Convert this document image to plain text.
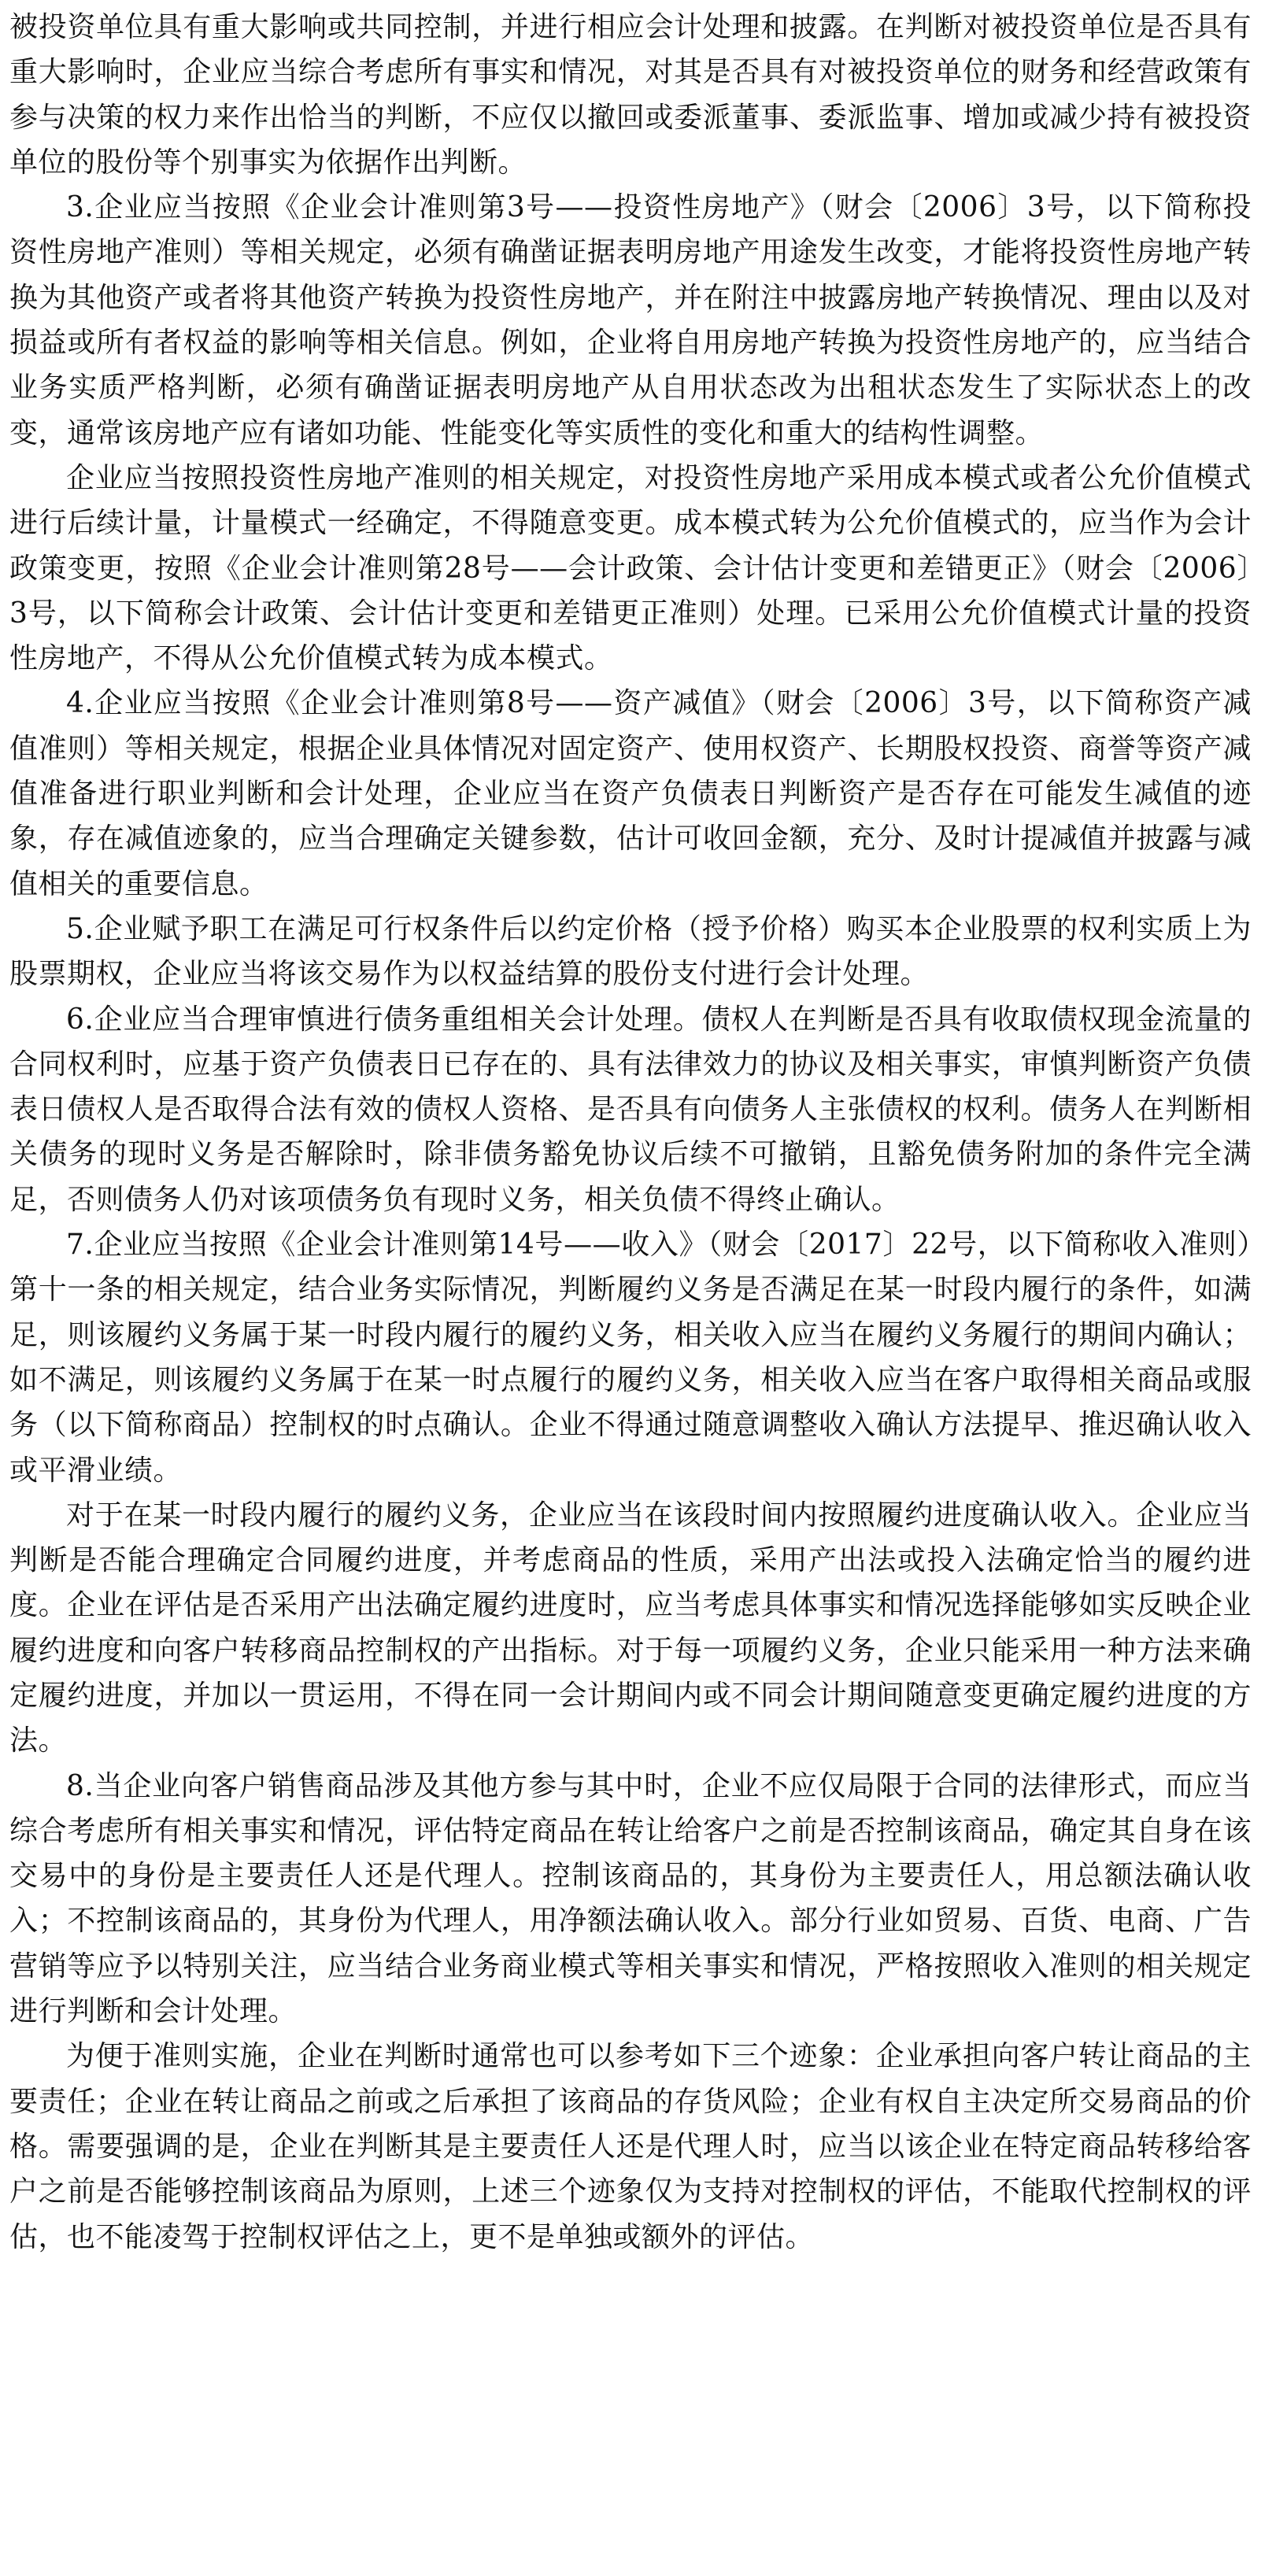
被投资单位具有重大影响或共同控制，并进行相应会计处理和披露。在判断对被投资单位是否具有重大影响时，企业应当综合考虑所有事实和情况，对其是否具有对被投资单位的财务和经营政策有参与决策的权力来作出恰当的判断，不应仅以撤回或委派董事、委派监事、增加或减少持有被投资单位的股份等个别事实为依据作出判断。

3.企业应当按照《企业会计准则第3号——投资性房地产》（财会〔2006〕3号，以下简称投资性房地产准则）等相关规定，必须有确凿证据表明房地产用途发生改变，才能将投资性房地产转换为其他资产或者将其他资产转换为投资性房地产，并在附注中披露房地产转换情况、理由以及对损益或所有者权益的影响等相关信息。例如，企业将自用房地产转换为投资性房地产的，应当结合业务实质严格判断，必须有确凿证据表明房地产从自用状态改为出租状态发生了实际状态上的改变，通常该房地产应有诸如功能、性能变化等实质性的变化和重大的结构性调整。

企业应当按照投资性房地产准则的相关规定，对投资性房地产采用成本模式或者公允价值模式进行后续计量，计量模式一经确定，不得随意变更。成本模式转为公允价值模式的，应当作为会计政策变更，按照《企业会计准则第28号——会计政策、会计估计变更和差错更正》（财会〔2006〕3号，以下简称会计政策、会计估计变更和差错更正准则）处理。已采用公允价值模式计量的投资性房地产，不得从公允价值模式转为成本模式。

4.企业应当按照《企业会计准则第8号——资产减值》（财会〔2006〕3号，以下简称资产减值准则）等相关规定，根据企业具体情况对固定资产、使用权资产、长期股权投资、商誉等资产减值准备进行职业判断和会计处理，企业应当在资产负债表日判断资产是否存在可能发生减值的迹象，存在减值迹象的，应当合理确定关键参数，估计可收回金额，充分、及时计提减值并披露与减值相关的重要信息。

5.企业赋予职工在满足可行权条件后以约定价格（授予价格）购买本企业股票的权利实质上为股票期权，企业应当将该交易作为以权益结算的股份支付进行会计处理。

6.企业应当合理审慎进行债务重组相关会计处理。债权人在判断是否具有收取债权现金流量的合同权利时，应基于资产负债表日已存在的、具有法律效力的协议及相关事实，审慎判断资产负债表日债权人是否取得合法有效的债权人资格、是否具有向债务人主张债权的权利。债务人在判断相关债务的现时义务是否解除时，除非债务豁免协议后续不可撤销，且豁免债务附加的条件完全满足，否则债务人仍对该项债务负有现时义务，相关负债不得终止确认。

7.企业应当按照《企业会计准则第14号——收入》（财会〔2017〕22号，以下简称收入准则）第十一条的相关规定，结合业务实际情况，判断履约义务是否满足在某一时段内履行的条件，如满足，则该履约义务属于某一时段内履行的履约义务，相关收入应当在履约义务履行的期间内确认；如不满足，则该履约义务属于在某一时点履行的履约义务，相关收入应当在客户取得相关商品或服务（以下简称商品）控制权的时点确认。企业不得通过随意调整收入确认方法提早、推迟确认收入或平滑业绩。

对于在某一时段内履行的履约义务，企业应当在该段时间内按照履约进度确认收入。企业应当判断是否能合理确定合同履约进度，并考虑商品的性质，采用产出法或投入法确定恰当的履约进度。企业在评估是否采用产出法确定履约进度时，应当考虑具体事实和情况选择能够如实反映企业履约进度和向客户转移商品控制权的产出指标。对于每一项履约义务，企业只能采用一种方法来确定履约进度，并加以一贯运用，不得在同一会计期间内或不同会计期间随意变更确定履约进度的方法。

8.当企业向客户销售商品涉及其他方参与其中时，企业不应仅局限于合同的法律形式，而应当综合考虑所有相关事实和情况，评估特定商品在转让给客户之前是否控制该商品，确定其自身在该交易中的身份是主要责任人还是代理人。控制该商品的，其身份为主要责任人，用总额法确认收入；不控制该商品的，其身份为代理人，用净额法确认收入。部分行业如贸易、百货、电商、广告营销等应予以特别关注，应当结合业务商业模式等相关事实和情况，严格按照收入准则的相关规定进行判断和会计处理。

为便于准则实施，企业在判断时通常也可以参考如下三个迹象：企业承担向客户转让商品的主要责任；企业在转让商品之前或之后承担了该商品的存货风险；企业有权自主决定所交易商品的价格。需要强调的是，企业在判断其是主要责任人还是代理人时，应当以该企业在特定商品转移给客户之前是否能够控制该商品为原则，上述三个迹象仅为支持对控制权的评估，不能取代控制权的评估，也不能凌驾于控制权评估之上，更不是单独或额外的评估。
